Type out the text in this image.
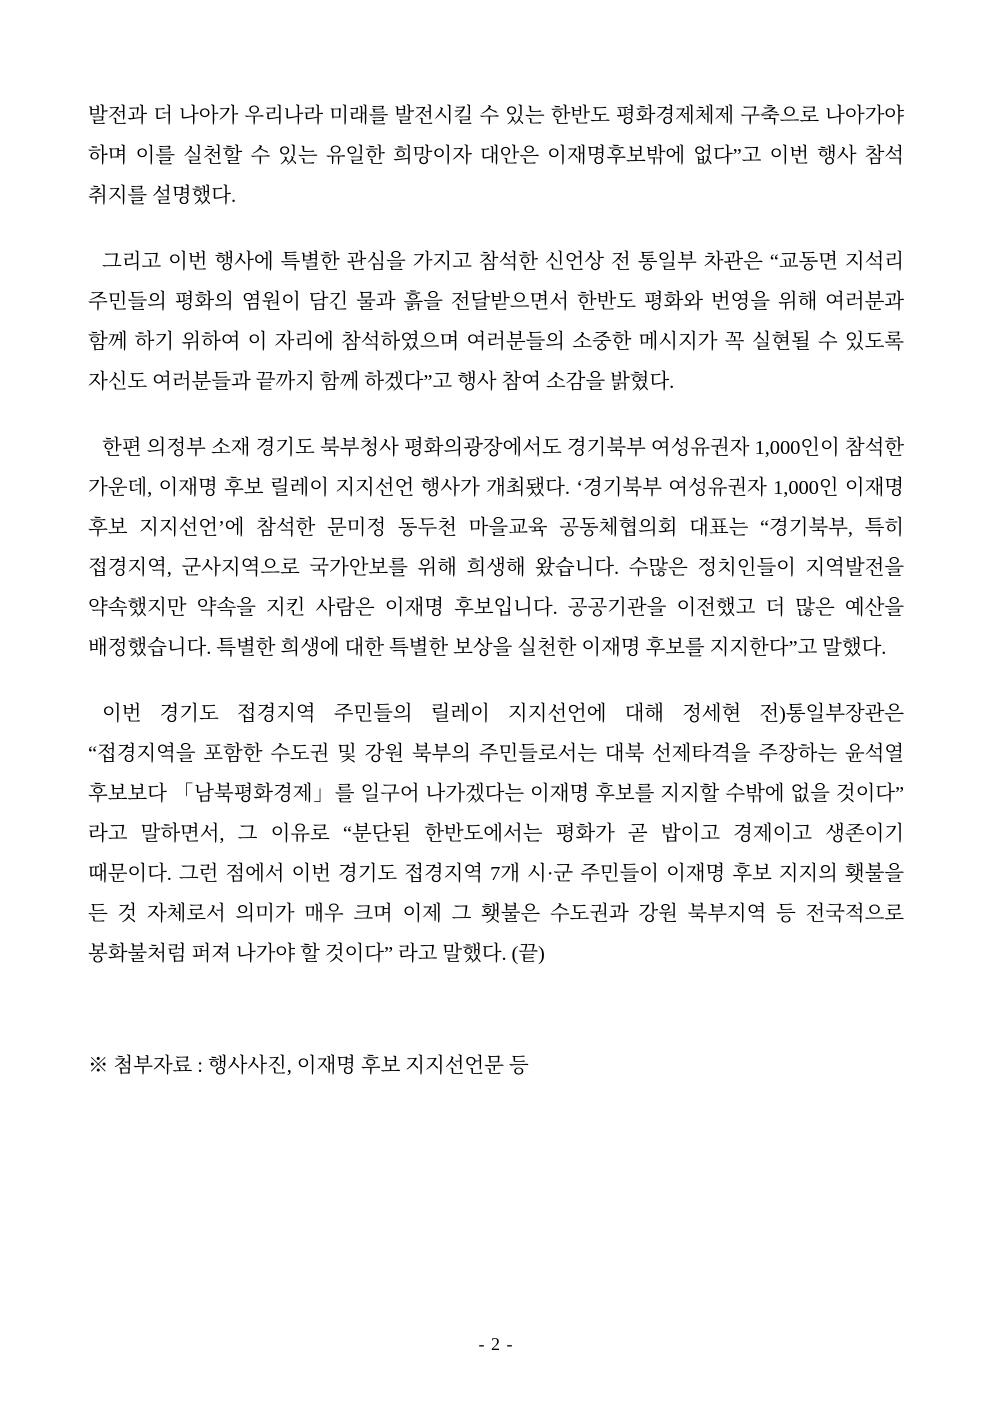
발전과 더 나아가 우리나라 미래를 발전시킬 수 있는 한반도 평화경제체제 구축으로 나아가야 하며 이를 실천할 수 있는 유일한 희망이자 대안은 이재명후보밖에 없다”고 이번 행사 참석 취지를 설명했다.

그리고 이번 행사에 특별한 관심을 가지고 참석한 신언상 전 통일부 차관은 “교동면 지석리 주민들의 평화의 염원이 담긴 물과 흙을 전달받으면서 한반도 평화와 번영을 위해 여러분과 함께 하기 위하여 이 자리에 참석하였으며 여러분들의 소중한 메시지가 꼭 실현될 수 있도록 자신도 여러분들과 끝까지 함께 하겠다”고 행사 참여 소감을 밝혔다.

한편 의정부 소재 경기도 북부청사 평화의광장에서도 경기북부 여성유권자 1,000인이 참석한 가운데, 이재명 후보 릴레이 지지선언 행사가 개최됐다. ‘경기북부 여성유권자 1,000인 이재명 후보 지지선언’에 참석한 문미정 동두천 마을교육 공동체협의회 대표는 “경기북부, 특히 접경지역, 군사지역으로 국가안보를 위해 희생해 왔습니다. 수많은 정치인들이 지역발전을 약속했지만 약속을 지킨 사람은 이재명 후보입니다. 공공기관을 이전했고 더 많은 예산을 배정했습니다. 특별한 희생에 대한 특별한 보상을 실천한 이재명 후보를 지지한다”고 말했다.

이번 경기도 접경지역 주민들의 릴레이 지지선언에 대해 정세현 전)통일부장관은 “접경지역을 포함한 수도권 및 강원 북부의 주민들로서는 대북 선제타격을 주장하는 윤석열 후보보다 「남북평화경제」를 일구어 나가겠다는 이재명 후보를 지지할 수밖에 없을 것이다” 라고 말하면서, 그 이유로 “분단된 한반도에서는 평화가 곧 밥이고 경제이고 생존이기 때문이다. 그런 점에서 이번 경기도 접경지역 7개 시·군 주민들이 이재명 후보 지지의 횃불을 든 것 자체로서 의미가 매우 크며 이제 그 횃불은 수도권과 강원 북부지역 등 전국적으로 봉화불처럼 퍼져 나가야 할 것이다” 라고 말했다. (끝)

※ 첨부자료 : 행사사진, 이재명 후보 지지선언문 등
- 2 -
